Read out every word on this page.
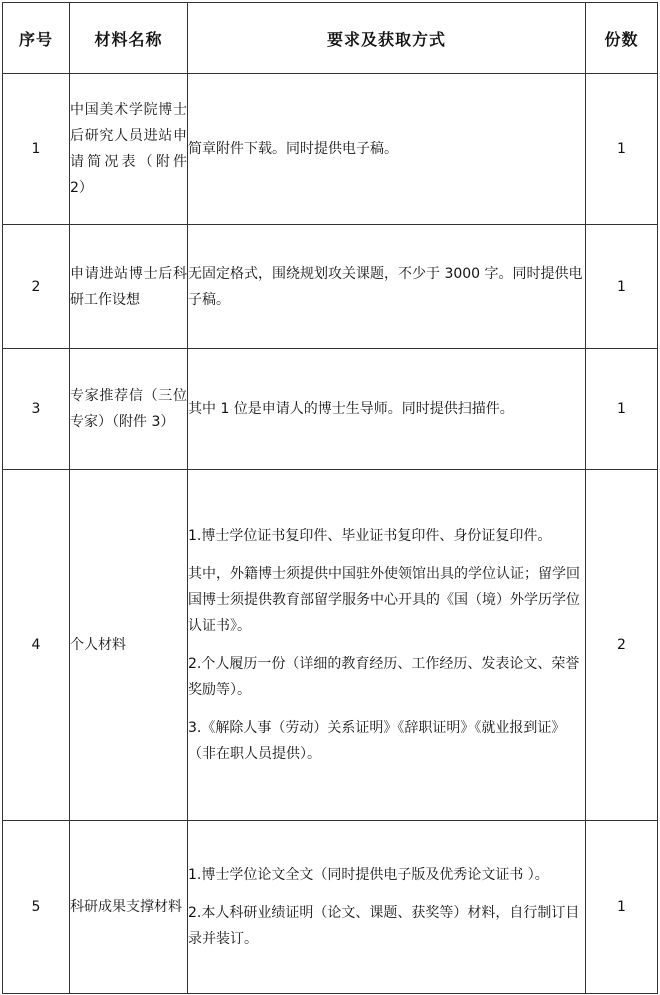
序号	材料名称	要求及获取方式	份数
1	中国美术学院博士后研究人员进站申请简况表（附件 2）	简章附件下载。同时提供电子稿。	1
2	申请进站博士后科研工作设想	无固定格式，围绕规划攻关课题，不少于 3000 字。同时提供电子稿。	1
3	专家推荐信（三位专家）（附件 3）	其中 1 位是申请人的博士生导师。同时提供扫描件。	1
4	个人材料	1.博士学位证书复印件、毕业证书复印件、身份证复印件。

其中，外籍博士须提供中国驻外使领馆出具的学位认证；留学回国博士须提供教育部留学服务中心开具的《国（境）外学历学位认证书》。

2.个人履历一份（详细的教育经历、工作经历、发表论文、荣誉奖励等）。

3.《解除人事（劳动）关系证明》《辞职证明》《就业报到证》（非在职人员提供）。	2
5	科研成果支撑材料	1.博士学位论文全文（同时提供电子版及优秀论文证书 ）。

2.本人科研业绩证明（论文、课题、获奖等）材料，自行制订目录并装订。	1
